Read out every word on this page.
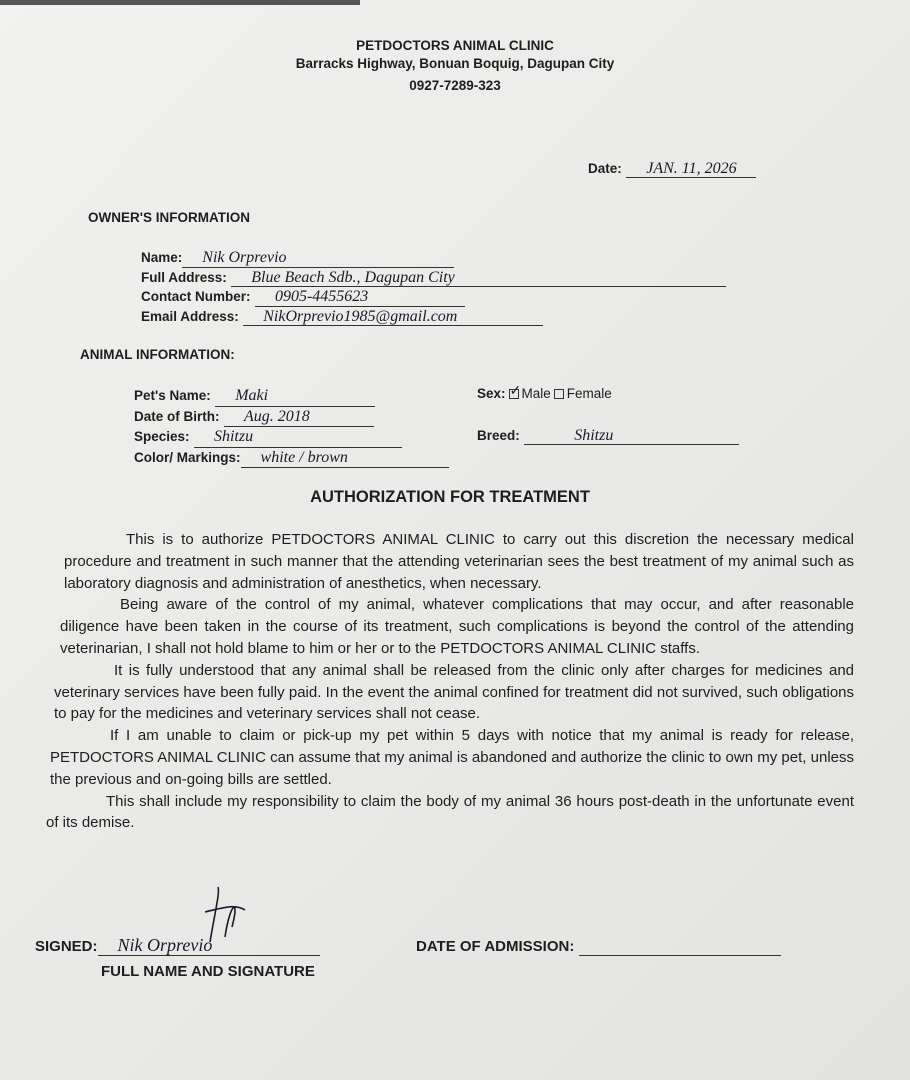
PETDOCTORS ANIMAL CLINIC
Barracks Highway, Bonuan Boquig, Dagupan City
0927-7289-323
Date: JAN. 11, 2026
OWNER'S INFORMATION
Name: Nik Orprevio
Full Address: Blue Beach Sdb., Dagupan City
Contact Number: 0905-4455623
Email Address: NikOrprevio1985@gmail.com
ANIMAL INFORMATION:
Pet's Name: Maki
Date of Birth: Aug. 2018
Species: Shitzu
Color/ Markings: white / brown
Sex: ✓ Male Female
Breed:	Shitzu
AUTHORIZATION FOR TREATMENT

This is to authorize PETDOCTORS ANIMAL CLINIC to carry out this discretion the necessary medical procedure and treatment in such manner that the attending veterinarian sees the best treatment of my animal such as laboratory diagnosis and administration of anesthetics, when necessary.

Being aware of the control of my animal, whatever complications that may occur, and after reasonable diligence have been taken in the course of its treatment, such complications is beyond the control of the attending veterinarian, I shall not hold blame to him or her or to the PETDOCTORS ANIMAL CLINIC staffs.

It is fully understood that any animal shall be released from the clinic only after charges for medicines and veterinary services have been fully paid. In the event the animal confined for treatment did not survived, such obligations to pay for the medicines and veterinary services shall not cease.

If I am unable to claim or pick-up my pet within 5 days with notice that my animal is ready for release, PETDOCTORS ANIMAL CLINIC can assume that my animal is abandoned and authorize the clinic to own my pet, unless the previous and on-going bills are settled.

This shall include my responsibility to claim the body of my animal 36 hours post-death in the unfortunate event of its demise.

SIGNED: Nik Orprevio
FULL NAME AND SIGNATURE
DATE OF ADMISSION:
